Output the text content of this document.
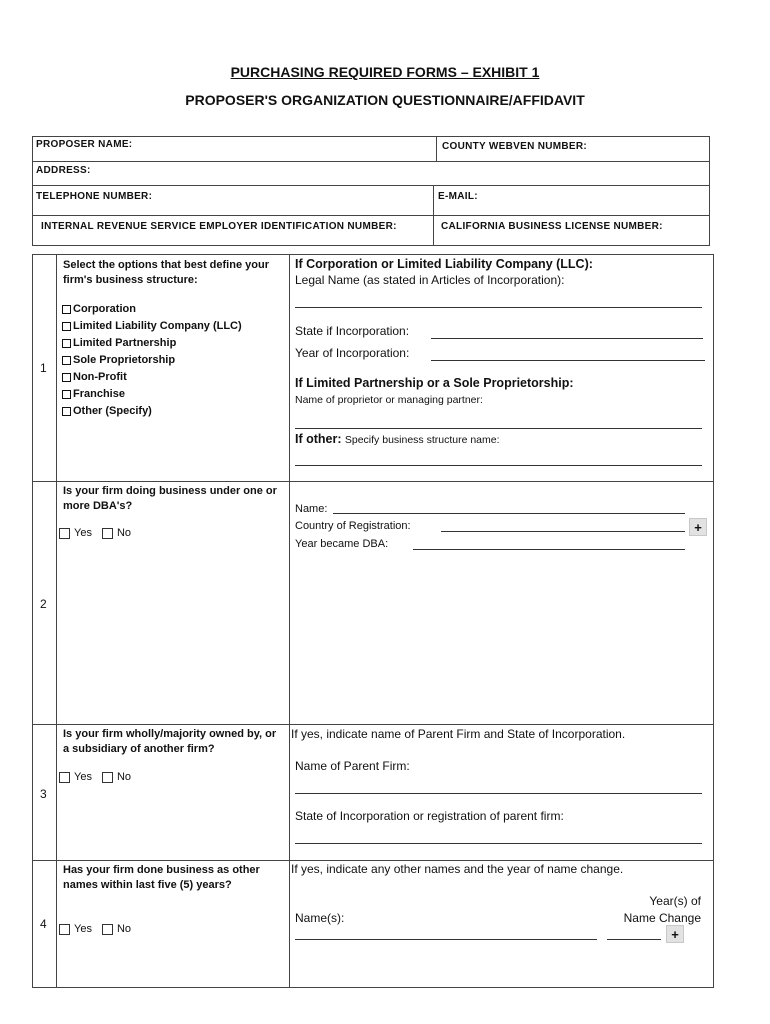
PURCHASING REQUIRED FORMS – EXHIBIT 1
PROPOSER'S ORGANIZATION QUESTIONNAIRE/AFFIDAVIT
PROPOSER NAME:	COUNTY WEBVEN NUMBER:
ADDRESS:
TELEPHONE NUMBER:	E-MAIL:
INTERNAL REVENUE SERVICE EMPLOYER IDENTIFICATION NUMBER:	CALIFORNIA BUSINESS LICENSE NUMBER:
1
Select the options that best define your firm's business structure:
Corporation
Limited Liability Company (LLC)
Limited Partnership
Sole Proprietorship
Non-Profit
Franchise
Other (Specify)
If Corporation or Limited Liability Company (LLC):
Legal Name (as stated in Articles of Incorporation):
State if Incorporation:
Year of Incorporation:
If Limited Partnership or a Sole Proprietorship:
Name of proprietor or managing partner:
If other: Specify business structure name:
2
Is your firm doing business under one or more DBA's?
Yes No
Name:
Country of Registration:	+
Year became DBA:
3
Is your firm wholly/majority owned by, or a subsidiary of another firm?
Yes No
If yes, indicate name of Parent Firm and State of Incorporation.
Name of Parent Firm:
State of Incorporation or registration of parent firm:
4
Has your firm done business as other names within last five (5) years?
Yes No
If yes, indicate any other names and the year of name change.
Name(s):
Year(s) of
Name Change
+
